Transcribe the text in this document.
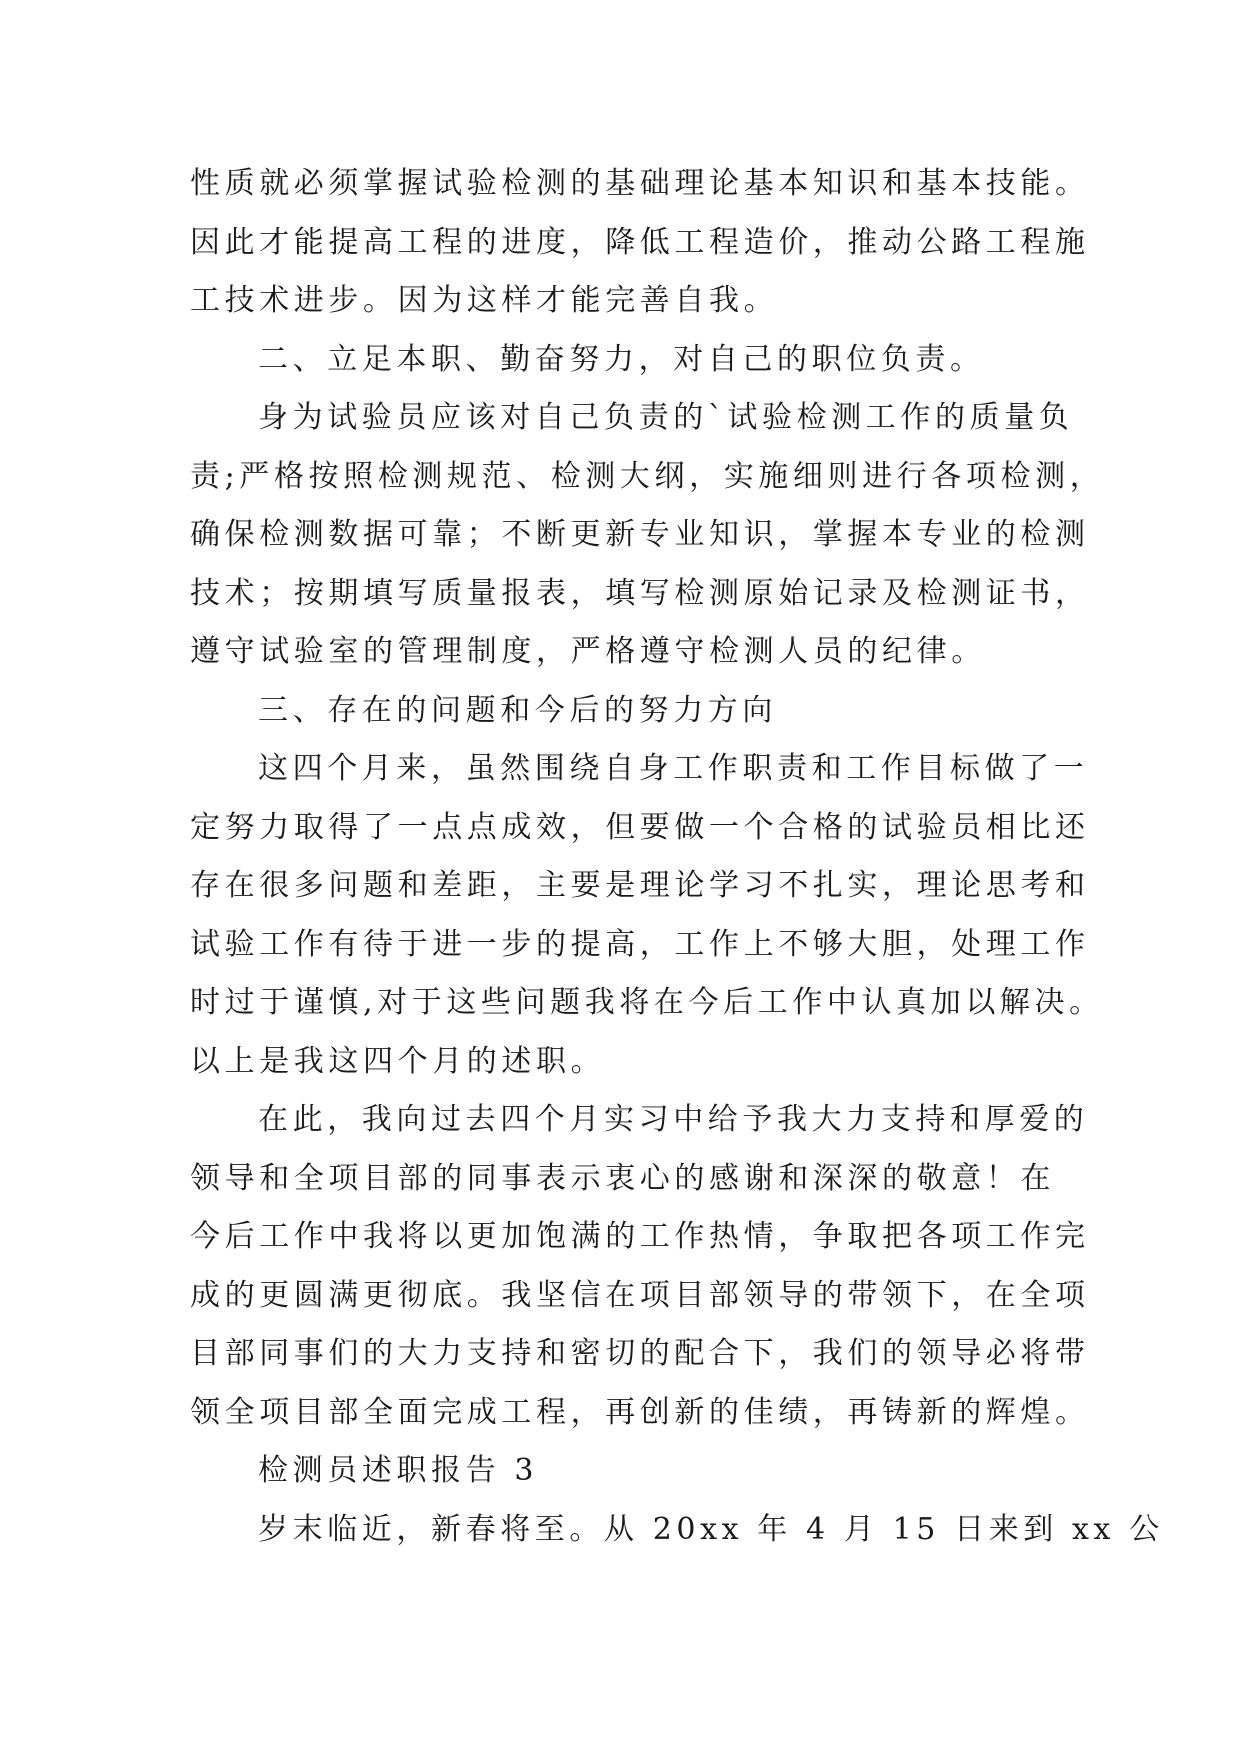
性质就必须掌握试验检测的基础理论基本知识和基本技能。

因此才能提高工程的进度，降低工程造价，推动公路工程施

工技术进步。因为这样才能完善自我。

二、立足本职、勤奋努力，对自己的职位负责。

身为试验员应该对自己负责的`试验检测工作的质量负

责;严格按照检测规范、检测大纲，实施细则进行各项检测，

确保检测数据可靠；不断更新专业知识，掌握本专业的检测

技术；按期填写质量报表，填写检测原始记录及检测证书，

遵守试验室的管理制度，严格遵守检测人员的纪律。

三、存在的问题和今后的努力方向

这四个月来，虽然围绕自身工作职责和工作目标做了一

定努力取得了一点点成效，但要做一个合格的试验员相比还

存在很多问题和差距，主要是理论学习不扎实，理论思考和

试验工作有待于进一步的提高，工作上不够大胆，处理工作

时过于谨慎,对于这些问题我将在今后工作中认真加以解决。

以上是我这四个月的述职。

在此，我向过去四个月实习中给予我大力支持和厚爱的

领导和全项目部的同事表示衷心的感谢和深深的敬意！在

今后工作中我将以更加饱满的工作热情，争取把各项工作完

成的更圆满更彻底。我坚信在项目部领导的带领下，在全项

目部同事们的大力支持和密切的配合下，我们的领导必将带

领全项目部全面完成工程，再创新的佳绩，再铸新的辉煌。

检测员述职报告 3

岁末临近，新春将至。从 20xx 年 4 月 15 日来到 xx 公
